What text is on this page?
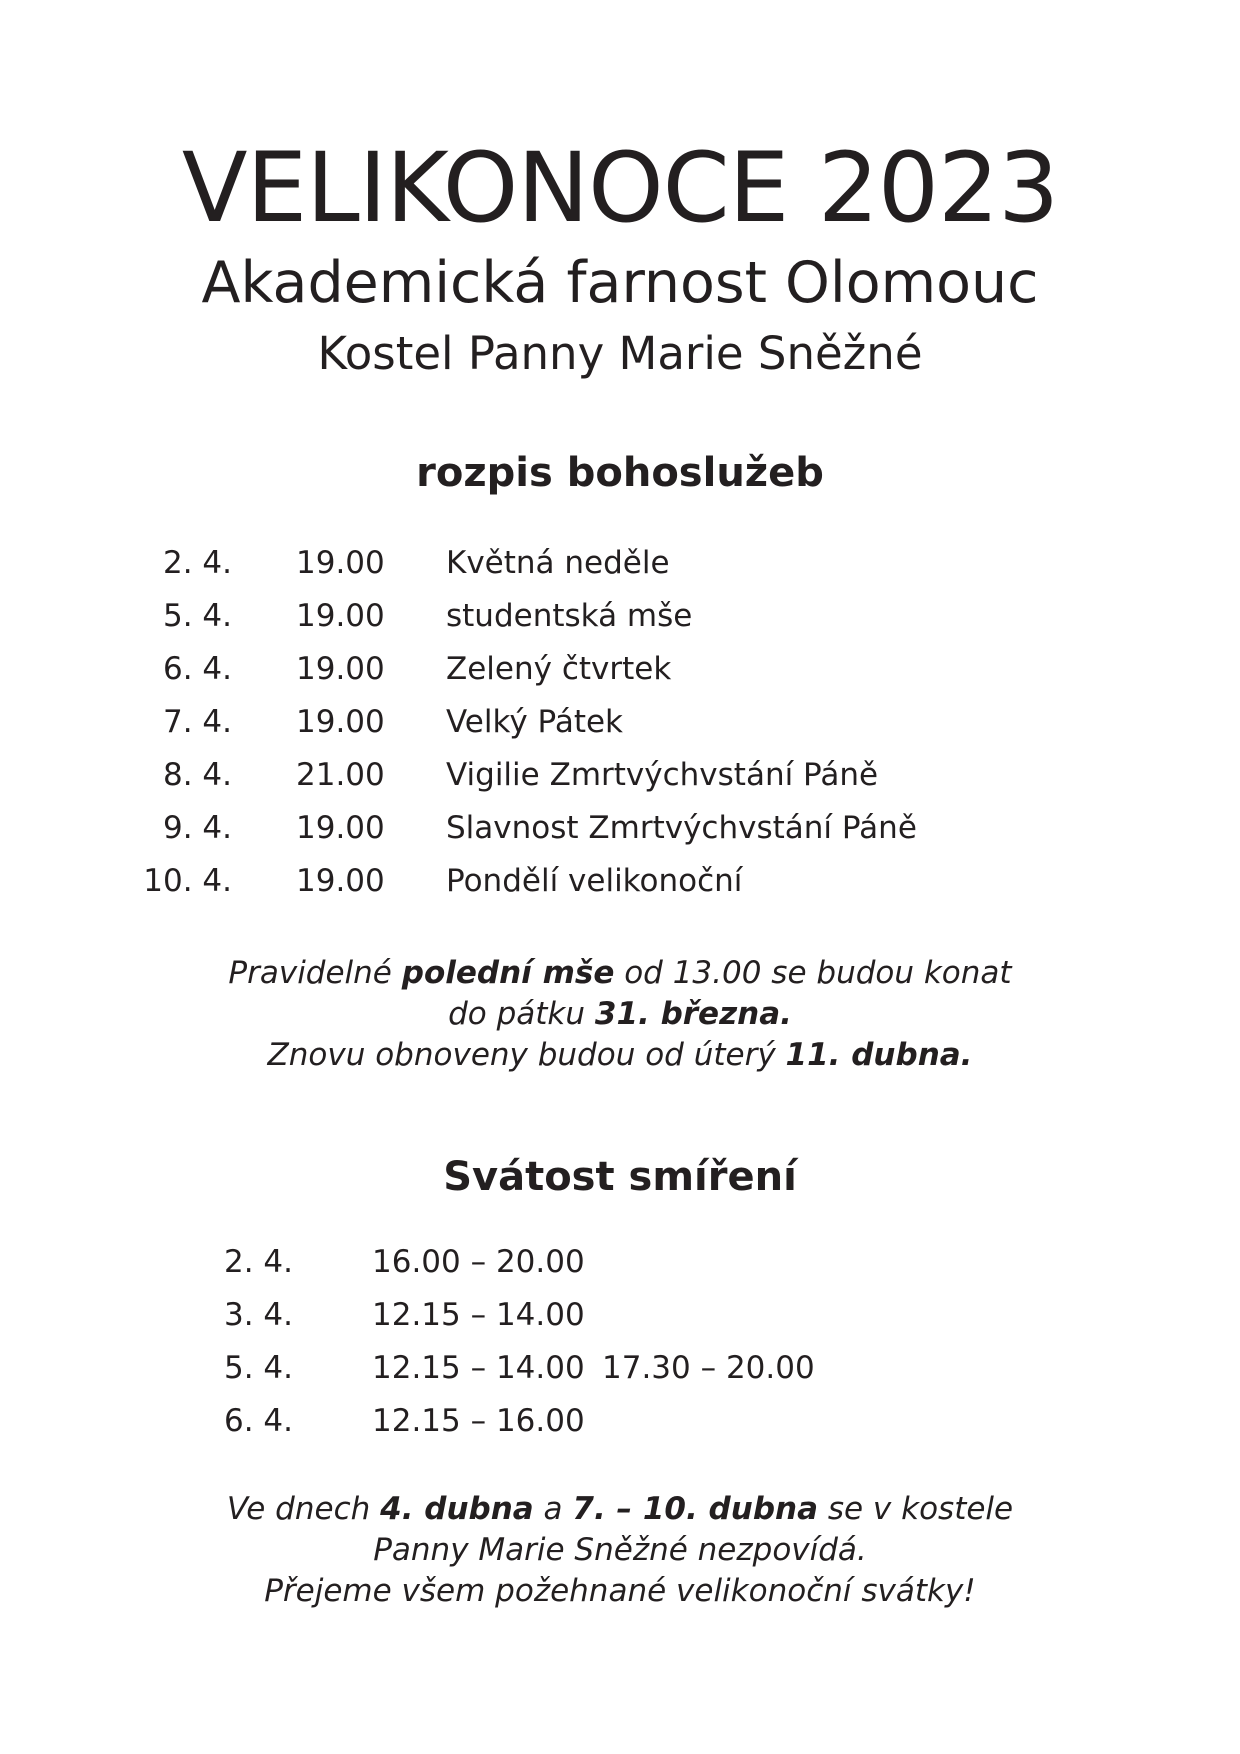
VELIKONOCE 2023
Akademická farnost Olomouc
Kostel Panny Marie Sněžné
rozpis bohoslužeb
2. 4. 19.00 Květná neděle
5. 4. 19.00 studentská mše
6. 4. 19.00 Zelený čtvrtek
7. 4. 19.00 Velký Pátek
8. 4. 21.00 Vigilie Zmrtvýchvstání Páně
9. 4. 19.00 Slavnost Zmrtvýchvstání Páně
10. 4. 19.00 Pondělí velikonoční
Pravidelné polední mše od 13.00 se budou konat
do pátku 31. března.
Znovu obnoveny budou od úterý 11. dubna.
Svátost smíření
2. 4.	16.00 – 20.00
3. 4.	12.15 – 14.00
5. 4.	12.15 – 14.00 17.30 – 20.00
6. 4.	12.15 – 16.00
Ve dnech 4. dubna a 7. – 10. dubna se v kostele
Panny Marie Sněžné nezpovídá.
Přejeme všem požehnané velikonoční svátky!
